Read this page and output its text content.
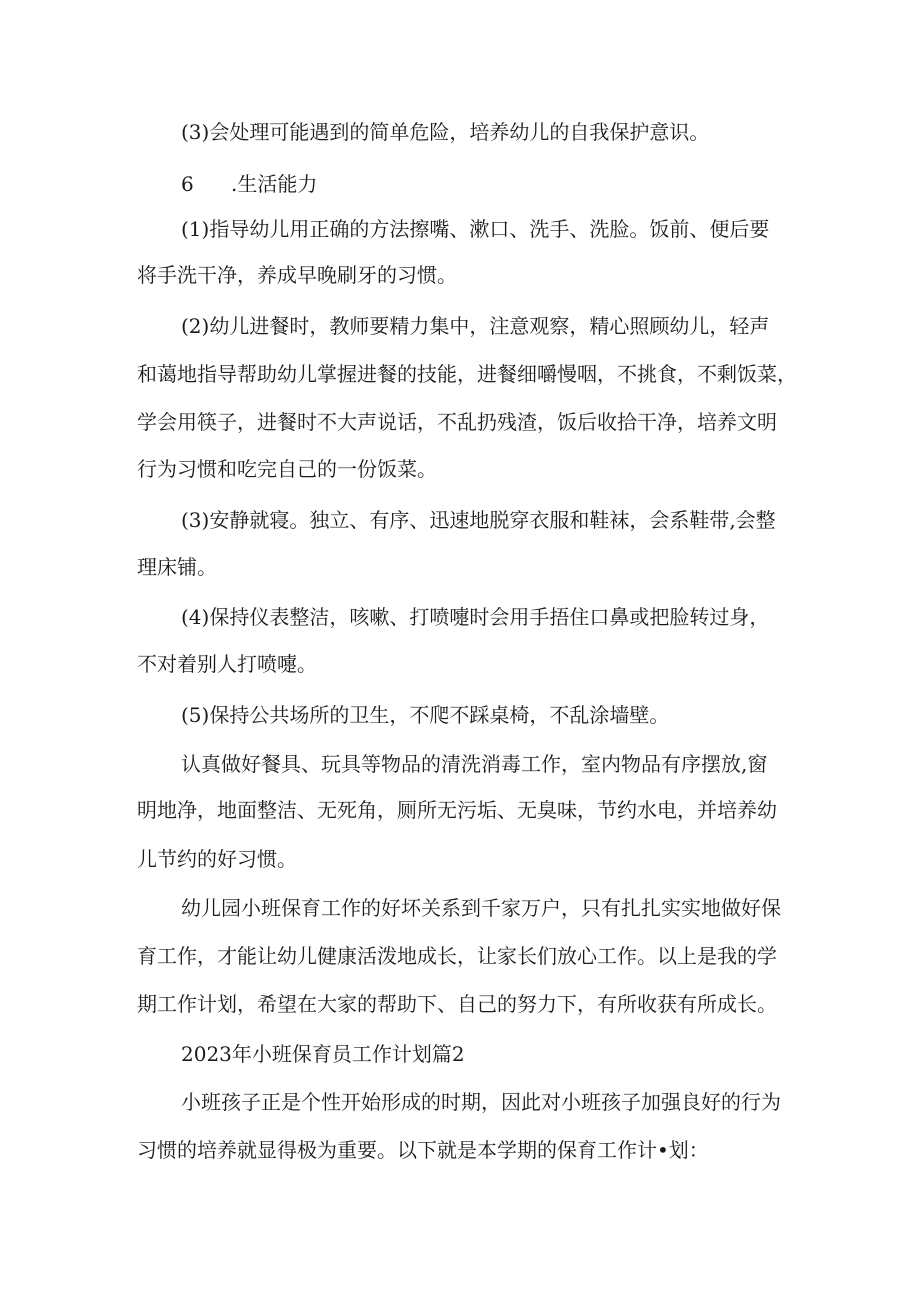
(3)会处理可能遇到的简单危险，培养幼儿的自我保护意识。

6 .生活能力

(1)指导幼儿用正确的方法擦嘴、漱口、洗手、洗脸。饭前、便后要

将手洗干净，养成早晚刷牙的习惯。

(2)幼儿进餐时，教师要精力集中，注意观察，精心照顾幼儿，轻声

和蔼地指导帮助幼儿掌握进餐的技能，进餐细嚼慢咽，不挑食，不剩饭菜，

学会用筷子，进餐时不大声说话，不乱扔残渣，饭后收拾干净，培养文明

行为习惯和吃完自己的一份饭菜。

(3)安静就寝。独立、有序、迅速地脱穿衣服和鞋袜，会系鞋带,会整

理床铺。

(4)保持仪表整洁，咳嗽、打喷嚏时会用手捂住口鼻或把脸转过身，

不对着别人打喷嚏。

(5)保持公共场所的卫生，不爬不踩桌椅，不乱涂墙壁。

认真做好餐具、玩具等物品的清洗消毒工作，室内物品有序摆放,窗

明地净，地面整洁、无死角，厕所无污垢、无臭味，节约水电，并培养幼

儿节约的好习惯。

幼儿园小班保育工作的好坏关系到千家万户，只有扎扎实实地做好保

育工作，才能让幼儿健康活泼地成长，让家长们放心工作。以上是我的学

期工作计划，希望在大家的帮助下、自己的努力下，有所收获有所成长。

2023年小班保育员工作计划篇2

小班孩子正是个性开始形成的时期，因此对小班孩子加强良好的行为

习惯的培养就显得极为重要。以下就是本学期的保育工作计•划：
